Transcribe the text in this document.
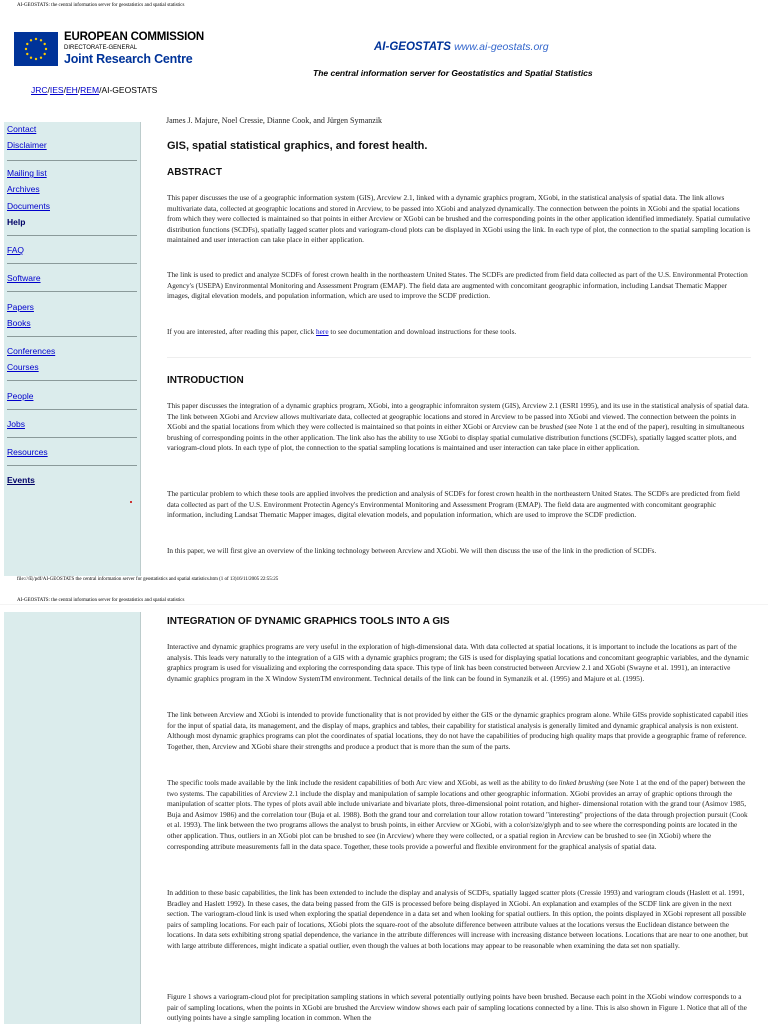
AI-GEOSTATS: the central information server for geostatistics and spatial statistics
EUROPEAN COMMISSION
DIRECTORATE-GENERAL
Joint Research Centre
AI-GEOSTATS www.ai-geostats.org
The central information server for Geostatistics and Spatial Statistics
JRC/IES/EH/REM/AI-GEOSTATS
Contact
Disclaimer
Mailing list
Archives
Documents
Help
FAQ
Software
Papers
Books
Conferences
Courses
People
Jobs
Resources
Events
James J. Majure, Noel Cressie, Dianne Cook, and Jürgen Symanzik
GIS, spatial statistical graphics, and forest health.
ABSTRACT

This paper discusses the use of a geographic information system (GIS), Arcview 2.1, linked with a dynamic graphics program, XGobi, in the statistical analysis of spatial data. The link allows multivariate data, collected at geographic locations and stored in Arcview, to be passed into XGobi and analyzed dynamically. The connection between the points in XGobi and the spatial locations from which they were collected is maintained so that points in either Arcview or XGobi can be brushed and the corresponding points in the other application identified immediately. Spatial cumulative distribution functions (SCDFs), spatially lagged scatter plots and variogram-cloud plots can be displayed in XGobi using the link. In each type of plot, the connection to the spatial sampling location is maintained and user interaction can take place in either application.

The link is used to predict and analyze SCDFs of forest crown health in the northeastern United States. The SCDFs are predicted from field data collected as part of the U.S. Environmental Protection Agency's (USEPA) Environmental Monitoring and Assessment Program (EMAP). The field data are augmented with concomitant geographic information, including Landsat Thematic Mapper images, digital elevation models, and population information, which are used to improve the SCDF prediction.

If you are interested, after reading this paper, click here to see documentation and download instructions for these tools.

INTRODUCTION

This paper discusses the integration of a dynamic graphics program, XGobi, into a geographic infomraiton system (GIS), Arcview 2.1 (ESRI 1995), and its use in the statistical analysis of spatial data. The link between XGobi and Arcview allows multivariate data, collected at geographic locations and stored in Arcview to be passed into XGobi and viewed. The connection between the points in XGobi and the spatial locations from which they were collected is maintained so that points in either XGobi or Arcview can be brushed (see Note 1 at the end of the paper), resulting in simultaneous brushing of corresponding points in the other application. The link also has the ability to use XGobi to display spatial cumulative distribution functions (SCDFs), spatially lagged scatter plots, and variogram-cloud plots. In each type of plot, the connection to the spatial sampling locations is maintained and user interaction can take place in either application.

The particular problem to which these tools are applied involves the prediction and analysis of SCDFs for forest crown health in the northeastern United States. The SCDFs are predicted from field data collected as part of the U.S. Environment Protectin Agency's Environmental Monitoring and Assessment Program (EMAP). The field data are augmented with concomitant geographic information, including Landsat Thematic Mapper images, digital elevation models, and population information, which are used to improve the SCDF prediction.

In this paper, we will first give an overview of the linking technology between Arcview and XGobi. We will then discuss the use of the link in the prediction of SCDFs.

file:///E|/pdf/AI-GEOSTATS the central information server for geostatistics and spatial statistics.htm (1 of 13)16/11/2005 22:55:25
AI-GEOSTATS: the central information server for geostatistics and spatial statistics
INTEGRATION OF DYNAMIC GRAPHICS TOOLS INTO A GIS

Interactive and dynamic graphics programs are very useful in the exploration of high-dimensional data. With data collected at spatial locations, it is important to include the locations as part of the analysis. This leads very naturally to the integration of a GIS with a dynamic graphics program; the GIS is used for displaying spatial locations and concomitant geographic variables, and the dynamic graphics program is used for visualizing and exploring the corresponding data space. This type of link has been constructed between Arcview 2.1 and XGobi (Swayne et al. 1991), an interactive dynamic graphics program in the X Window SystemTM environment. Technical details of the link can be found in Symanzik et al. (1995) and Majure et al. (1995).

The link between Arcview and XGobi is intended to provide functionality that is not provided by either the GIS or the dynamic graphics program alone. While GISs provide sophisticated capabil ities for the input of spatial data, its management, and the display of maps, graphics and tables, their capability for statistical analysis is generally limited and dynamic graphical analysis is non existent. Although most dynamic graphics programs can plot the coordinates of spatial locations, they do not have the capabilities of producing high quality maps that provide a geographic frame of reference. Together, then, Arcview and XGobi share their strengths and produce a product that is more than the sum of the parts.

The specific tools made available by the link include the resident capabilities of both Arc view and XGobi, as well as the ability to do linked brushing (see Note 1 at the end of the paper) between the two systems. The capabilities of Arcview 2.1 include the display and manipulation of sample locations and other geographic information. XGobi provides an array of graphic options through the manipulation of scatter plots. The types of plots avail able include univariate and bivariate plots, three-dimensional point rotation, and higher- dimensional rotation with the grand tour (Asimov 1985, Buja and Asimov 1986) and the correlation tour (Buja et al. 1988). Both the grand tour and correlation tour allow rotation toward "interesting" projections of the data through projection pursuit (Cook et al. 1993). The link between the two programs allows the analyst to brush points, in either Arcview or XGobi, with a color/size/glyph and to see where the corresponding points are located in the other application. Thus, outliers in an XGobi plot can be brushed to see (in Arcview) where they were collected, or a spatial region in Arcview can be brushed to see (in XGobi) where the corresponding attribute measurements fall in the data space. Together, these tools provide a powerful and flexible environment for the graphical analysis of spatial data.

In addition to these basic capabilities, the link has been extended to include the display and analysis of SCDFs, spatially lagged scatter plots (Cressie 1993) and variogram clouds (Haslett et al. 1991, Bradley and Haslett 1992). In these cases, the data being passed from the GIS is processed before being displayed in XGobi. An explanation and examples of the SCDF link are given in the next section. The variogram-cloud link is used when exploring the spatial dependence in a data set and when looking for spatial outliers. In this option, the points displayed in XGobi represent all possible pairs of sampling locations. For each pair of locations, XGobi plots the square-root of the absolute difference between attribute values at the locations versus the Euclidean distance between the locations. In data sets exhibiting strong spatial dependence, the variance in the attribute differences will increase with increasing distance between locations. Locations that are near to one another, but with large attribute differences, might indicate a spatial outlier, even though the values at both locations may appear to be reasonable when examining the data set non spatially.

Figure 1 shows a variogram-cloud plot for precipitation sampling stations in which several potentially outlying points have been brushed. Because each point in the XGobi window corresponds to a pair of sampling locations, when the points in XGobi are brushed the Arcview window shows each pair of sampling locations connected by a line. This is also shown in Figure 1. Notice that all of the outlying points have a single sampling location in common. When the
